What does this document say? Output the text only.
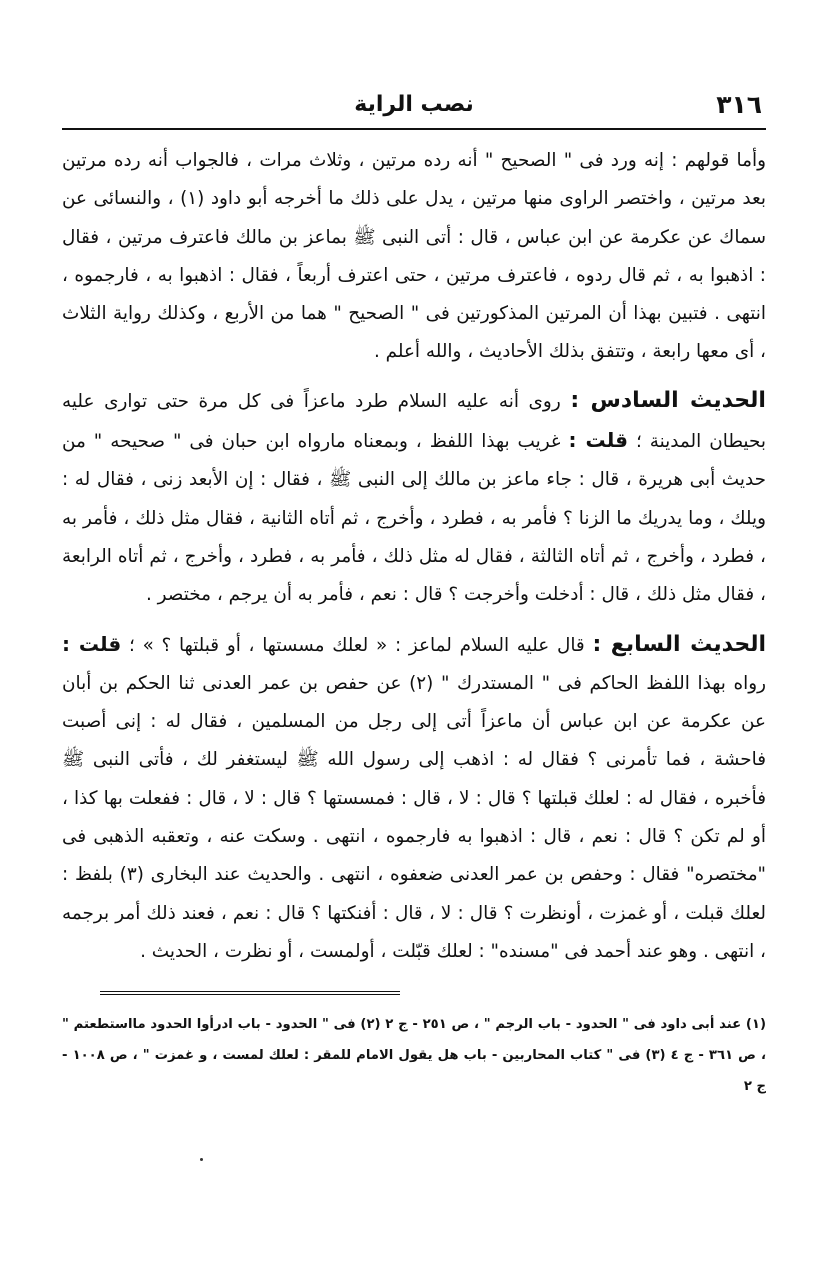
٣١٦
نصب الراية

وأما قولهم : إنه ورد فى " الصحيح " أنه رده مرتين ، وثلاث مرات ، فالجواب أنه رده مرتين بعد مرتين ، واختصر الراوى منها مرتين ، يدل على ذلك ما أخرجه أبو داود (١) ، والنسائى عن سماك عن عكرمة عن ابن عباس ، قال : أتى النبى ﷺ بماعز بن مالك فاعترف مرتين ، فقال : اذهبوا به ، ثم قال ردوه ، فاعترف مرتين ، حتى اعترف أربعاً ، فقال : اذهبوا به ، فارجموه ، انتهى . فتبين بهذا أن المرتين المذكورتين فى " الصحيح " هما من الأربع ، وكذلك رواية الثلاث ، أى معها رابعة ، وتتفق بذلك الأحاديث ، والله أعلم .

الحديث السادس : روى أنه عليه السلام طرد ماعزاً فى كل مرة حتى توارى عليه بحيطان المدينة ؛ قلت : غريب بهذا اللفظ ، وبمعناه مارواه ابن حبان فى " صحيحه " من حديث أبى هريرة ، قال : جاء ماعز بن مالك إلى النبى ﷺ ، فقال : إن الأبعد زنى ، فقال له : ويلك ، وما يدريك ما الزنا ؟ فأمر به ، فطرد ، وأخرج ، ثم أتاه الثانية ، فقال مثل ذلك ، فأمر به ، فطرد ، وأخرج ، ثم أتاه الثالثة ، فقال له مثل ذلك ، فأمر به ، فطرد ، وأخرج ، ثم أتاه الرابعة ، فقال مثل ذلك ، قال : أدخلت وأخرجت ؟ قال : نعم ، فأمر به أن يرجم ، مختصر .

الحديث السابع : قال عليه السلام لماعز : « لعلك مسستها ، أو قبلتها ؟ » ؛ قلت : رواه بهذا اللفظ الحاكم فى " المستدرك " (٢) عن حفص بن عمر العدنى ثنا الحكم بن أبان عن عكرمة عن ابن عباس أن ماعزاً أتى إلى رجل من المسلمين ، فقال له : إنى أصبت فاحشة ، فما تأمرنى ؟ فقال له : اذهب إلى رسول الله ﷺ ليستغفر لك ، فأتى النبى ﷺ فأخبره ، فقال له : لعلك قبلتها ؟ قال : لا ، قال : فمسستها ؟ قال : لا ، قال : ففعلت بها كذا ، أو لم تكن ؟ قال : نعم ، قال : اذهبوا به فارجموه ، انتهى . وسكت عنه ، وتعقبه الذهبى فى "مختصره" فقال : وحفص بن عمر العدنى ضعفوه ، انتهى . والحديث عند البخارى (٣) بلفظ : لعلك قبلت ، أو غمزت ، أونظرت ؟ قال : لا ، قال : أفنكتها ؟ قال : نعم ، فعند ذلك أمر برجمه ، انتهى . وهو عند أحمد فى "مسنده" : لعلك قبّلت ، أولمست ، أو نظرت ، الحديث .

(١) عند أبى داود فى " الحدود - باب الرجم " ، ص ٢٥١ - ج ٢ (٢) فى " الحدود - باب ادرأوا الحدود مااستطعتم " ، ص ٣٦١ - ج ٤ (٣) فى " كتاب المحاربين - باب هل يقول الامام للمقر : لعلك لمست ، و غمزت " ، ص ١٠٠٨ - ج ٢
